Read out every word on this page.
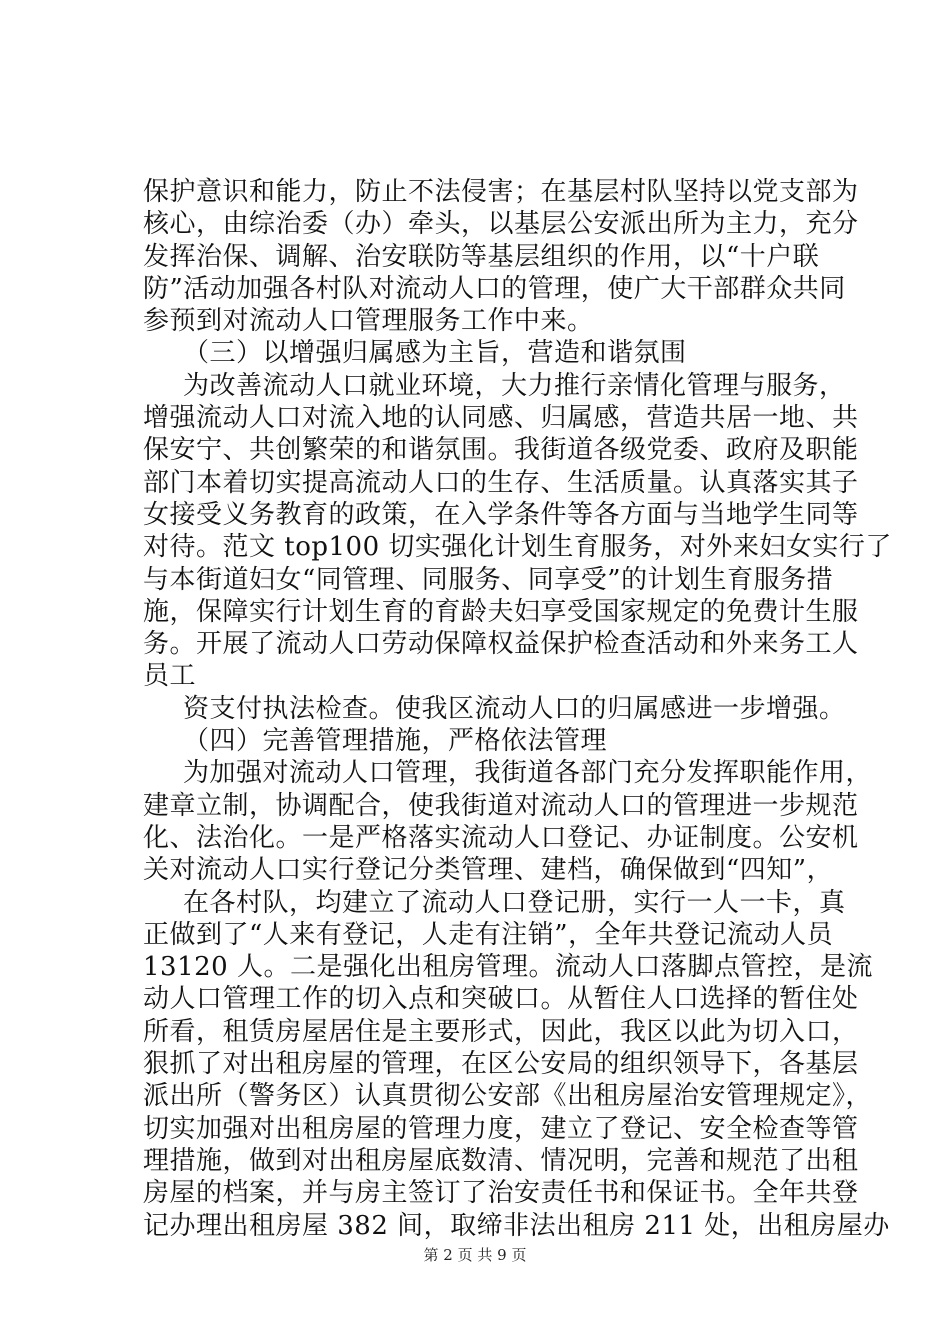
保护意识和能力，防止不法侵害；在基层村队坚持以党支部为
核心，由综治委（办）牵头，以基层公安派出所为主力，充分
发挥治保、调解、治安联防等基层组织的作用，以“十户联
防”活动加强各村队对流动人口的管理，使广大干部群众共同
参预到对流动人口管理服务工作中来。
（三）以增强归属感为主旨，营造和谐氛围
为改善流动人口就业环境，大力推行亲情化管理与服务，
增强流动人口对流入地的认同感、归属感，营造共居一地、共
保安宁、共创繁荣的和谐氛围。我街道各级党委、政府及职能
部门本着切实提高流动人口的生存、生活质量。认真落实其子
女接受义务教育的政策，在入学条件等各方面与当地学生同等
对待。范文 top100 切实强化计划生育服务，对外来妇女实行了
与本街道妇女“同管理、同服务、同享受”的计划生育服务措
施，保障实行计划生育的育龄夫妇享受国家规定的免费计生服
务。开展了流动人口劳动保障权益保护检查活动和外来务工人
员工
资支付执法检查。使我区流动人口的归属感进一步增强。
（四）完善管理措施，严格依法管理
为加强对流动人口管理，我街道各部门充分发挥职能作用，
建章立制，协调配合，使我街道对流动人口的管理进一步规范
化、法治化。一是严格落实流动人口登记、办证制度。公安机
关对流动人口实行登记分类管理、建档，确保做到“四知”，
在各村队，均建立了流动人口登记册，实行一人一卡，真
正做到了“人来有登记，人走有注销”，全年共登记流动人员
13120 人。二是强化出租房管理。流动人口落脚点管控，是流
动人口管理工作的切入点和突破口。从暂住人口选择的暂住处
所看，租赁房屋居住是主要形式，因此，我区以此为切入口，
狠抓了对出租房屋的管理，在区公安局的组织领导下，各基层
派出所（警务区）认真贯彻公安部《出租房屋治安管理规定》，
切实加强对出租房屋的管理力度，建立了登记、安全检查等管
理措施，做到对出租房屋底数清、情况明，完善和规范了出租
房屋的档案，并与房主签订了治安责任书和保证书。全年共登
记办理出租房屋 382 间，取缔非法出租房 211 处，出租房屋办
第 2 页 共 9 页
